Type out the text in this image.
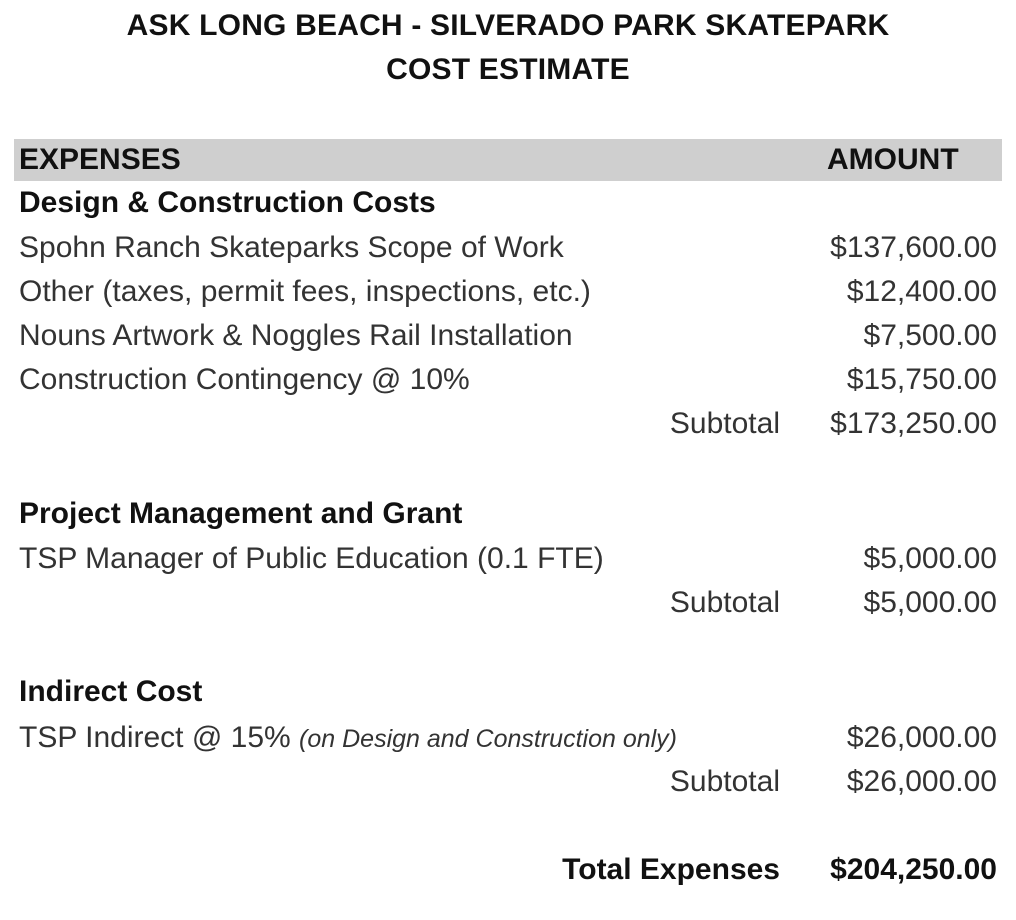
ASK LONG BEACH - SILVERADO PARK SKATEPARK
COST ESTIMATE
EXPENSES	AMOUNT
Design & Construction Costs
Spohn Ranch Skateparks Scope of Work	$137,600.00
Other (taxes, permit fees, inspections, etc.)	$12,400.00
Nouns Artwork & Noggles Rail Installation	$7,500.00
Construction Contingency @ 10%	$15,750.00
Subtotal $173,250.00
Project Management and Grant
TSP Manager of Public Education (0.1 FTE)	$5,000.00
Subtotal	$5,000.00
Indirect Cost
TSP Indirect @ 15% (on Design and Construction only)	$26,000.00
Subtotal $26,000.00
Total Expenses $204,250.00
